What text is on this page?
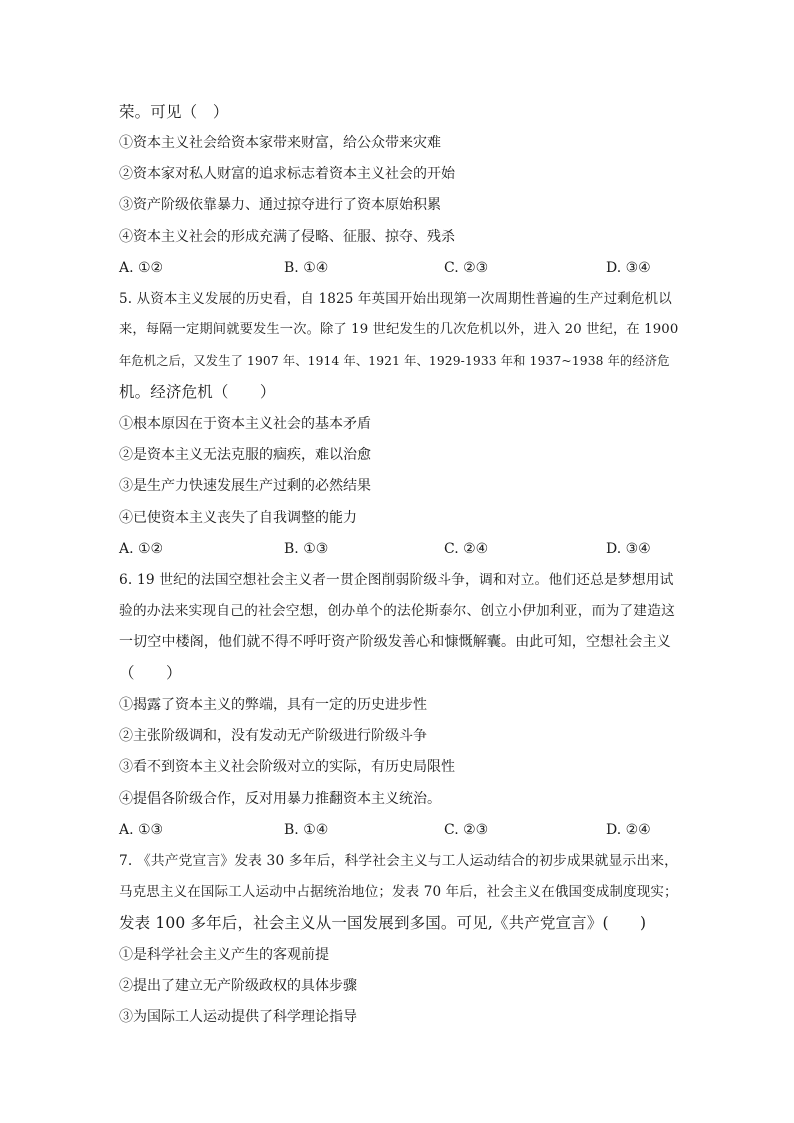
荣。可见（　）
①资本主义社会给资本家带来财富，给公众带来灾难
②资本家对私人财富的追求标志着资本主义社会的开始
③资产阶级依靠暴力、通过掠夺进行了资本原始积累
④资本主义社会的形成充满了侵略、征服、掠夺、残杀
A. ①②	B. ①④	C. ②③	D. ③④
5. 从资本主义发展的历史看，自 1825 年英国开始出现第一次周期性普遍的生产过剩危机以
来，每隔一定期间就要发生一次。除了 19 世纪发生的几次危机以外，进入 20 世纪，在 1900
年危机之后，又发生了 1907 年、1914 年、1921 年、1929-1933 年和 1937~1938 年的经济危
机。经济危机（　　）
①根本原因在于资本主义社会的基本矛盾
②是资本主义无法克服的痼疾，难以治愈
③是生产力快速发展生产过剩的必然结果
④已使资本主义丧失了自我调整的能力
A. ①②	B. ①③	C. ②④	D. ③④
6. 19 世纪的法国空想社会主义者一贯企图削弱阶级斗争，调和对立。他们还总是梦想用试
验的办法来实现自己的社会空想，创办单个的法伦斯泰尔、创立小伊加利亚，而为了建造这
一切空中楼阁，他们就不得不呼吁资产阶级发善心和慷慨解囊。由此可知，空想社会主义
（　　）
①揭露了资本主义的弊端，具有一定的历史进步性
②主张阶级调和，没有发动无产阶级进行阶级斗争
③看不到资本主义社会阶级对立的实际，有历史局限性
④提倡各阶级合作，反对用暴力推翻资本主义统治。
A. ①③	B. ①④	C. ②③	D. ②④
7. 《共产党宣言》发表 30 多年后，科学社会主义与工人运动结合的初步成果就显示出来，
马克思主义在国际工人运动中占据统治地位；发表 70 年后，社会主义在俄国变成制度现实；
发表 100 多年后，社会主义从一国发展到多国。可见,《共产党宣言》(　　)
①是科学社会主义产生的客观前提
②提出了建立无产阶级政权的具体步骤
③为国际工人运动提供了科学理论指导
